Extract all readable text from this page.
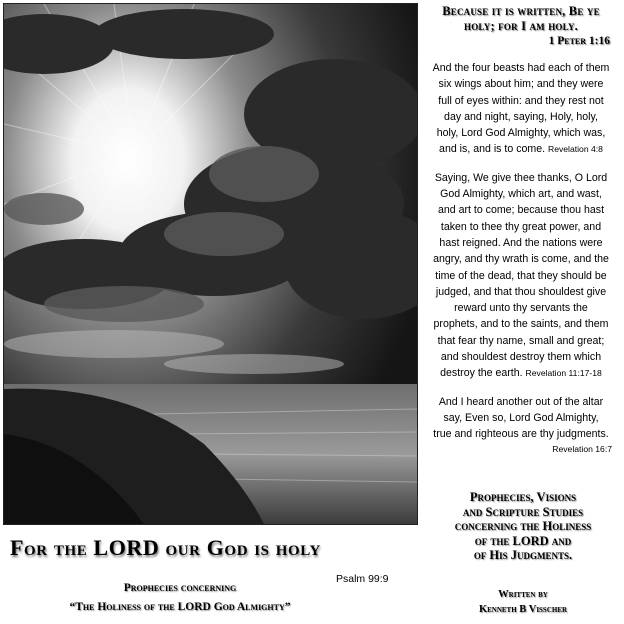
Because it is written, Be ye
holy; for I am holy.
1 Peter 1:16
And the four beasts had each of them
six wings about him; and they were
full of eyes within: and they rest not
day and night, saying, Holy, holy,
holy, Lord God Almighty, which was,
and is, and is to come. Revelation 4:8
Saying, We give thee thanks, O Lord
God Almighty, which art, and wast,
and art to come; because thou hast
taken to thee thy great power, and
hast reigned. And the nations were
angry, and thy wrath is come, and the
time of the dead, that they should be
judged, and that thou shouldest give
reward unto thy servants the
prophets, and to the saints, and them
that fear thy name, small and great;
and shouldest destroy them which
destroy the earth. Revelation 11:17-18
And I heard another out of the altar
say, Even so, Lord God Almighty,
true and righteous are thy judgments.
Revelation 16:7
Prophecies, Visions
and Scripture Studies
concerning the Holiness
of the LORD and
of His Judgments.
Written by
Kenneth B Visscher
For the LORD our God is holy
Psalm 99:9
Prophecies concerning
“The Holiness of the LORD God Almighty”
